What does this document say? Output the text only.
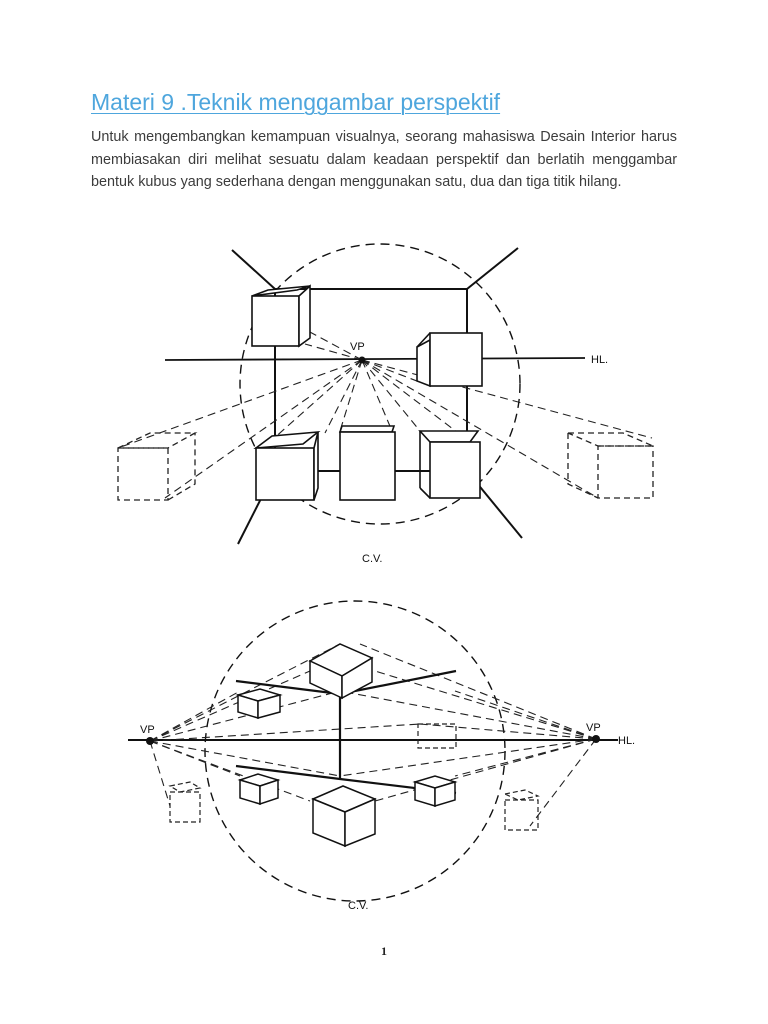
Materi 9 .Teknik menggambar perspektif

Untuk mengembangkan kemampuan visualnya, seorang mahasiswa Desain Interior harus membiasakan diri melihat sesuatu dalam keadaan perspektif dan berlatih menggambar bentuk kubus yang sederhana dengan menggunakan satu, dua dan tiga titik hilang.

VP
HL.
C.V.
VP	VP
HL.
C.V.
1
